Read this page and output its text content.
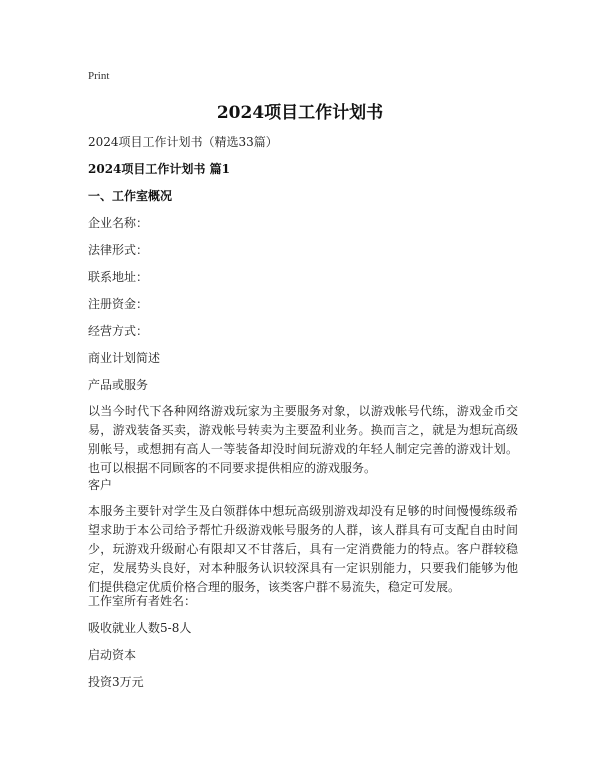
Print
2024项目工作计划书
2024项目工作计划书（精选33篇）
2024项目工作计划书 篇1
一、工作室概况
企业名称：
法律形式：
联系地址：
注册资金：
经营方式：
商业计划简述
产品或服务
以当今时代下各种网络游戏玩家为主要服务对象，以游戏帐号代练，游戏金币交易，游戏装备买卖，游戏帐号转卖为主要盈利业务。换而言之，就是为想玩高级别帐号，或想拥有高人一等装备却没时间玩游戏的年轻人制定完善的游戏计划。也可以根据不同顾客的不同要求提供相应的游戏服务。
客户
本服务主要针对学生及白领群体中想玩高级别游戏却没有足够的时间慢慢练级希望求助于本公司给予帮忙升级游戏帐号服务的人群，该人群具有可支配自由时间少，玩游戏升级耐心有限却又不甘落后，具有一定消费能力的特点。客户群较稳定，发展势头良好，对本种服务认识较深具有一定识别能力，只要我们能够为他们提供稳定优质价格合理的服务，该类客户群不易流失，稳定可发展。
工作室所有者姓名：
吸收就业人数5-8人
启动资本
投资3万元
